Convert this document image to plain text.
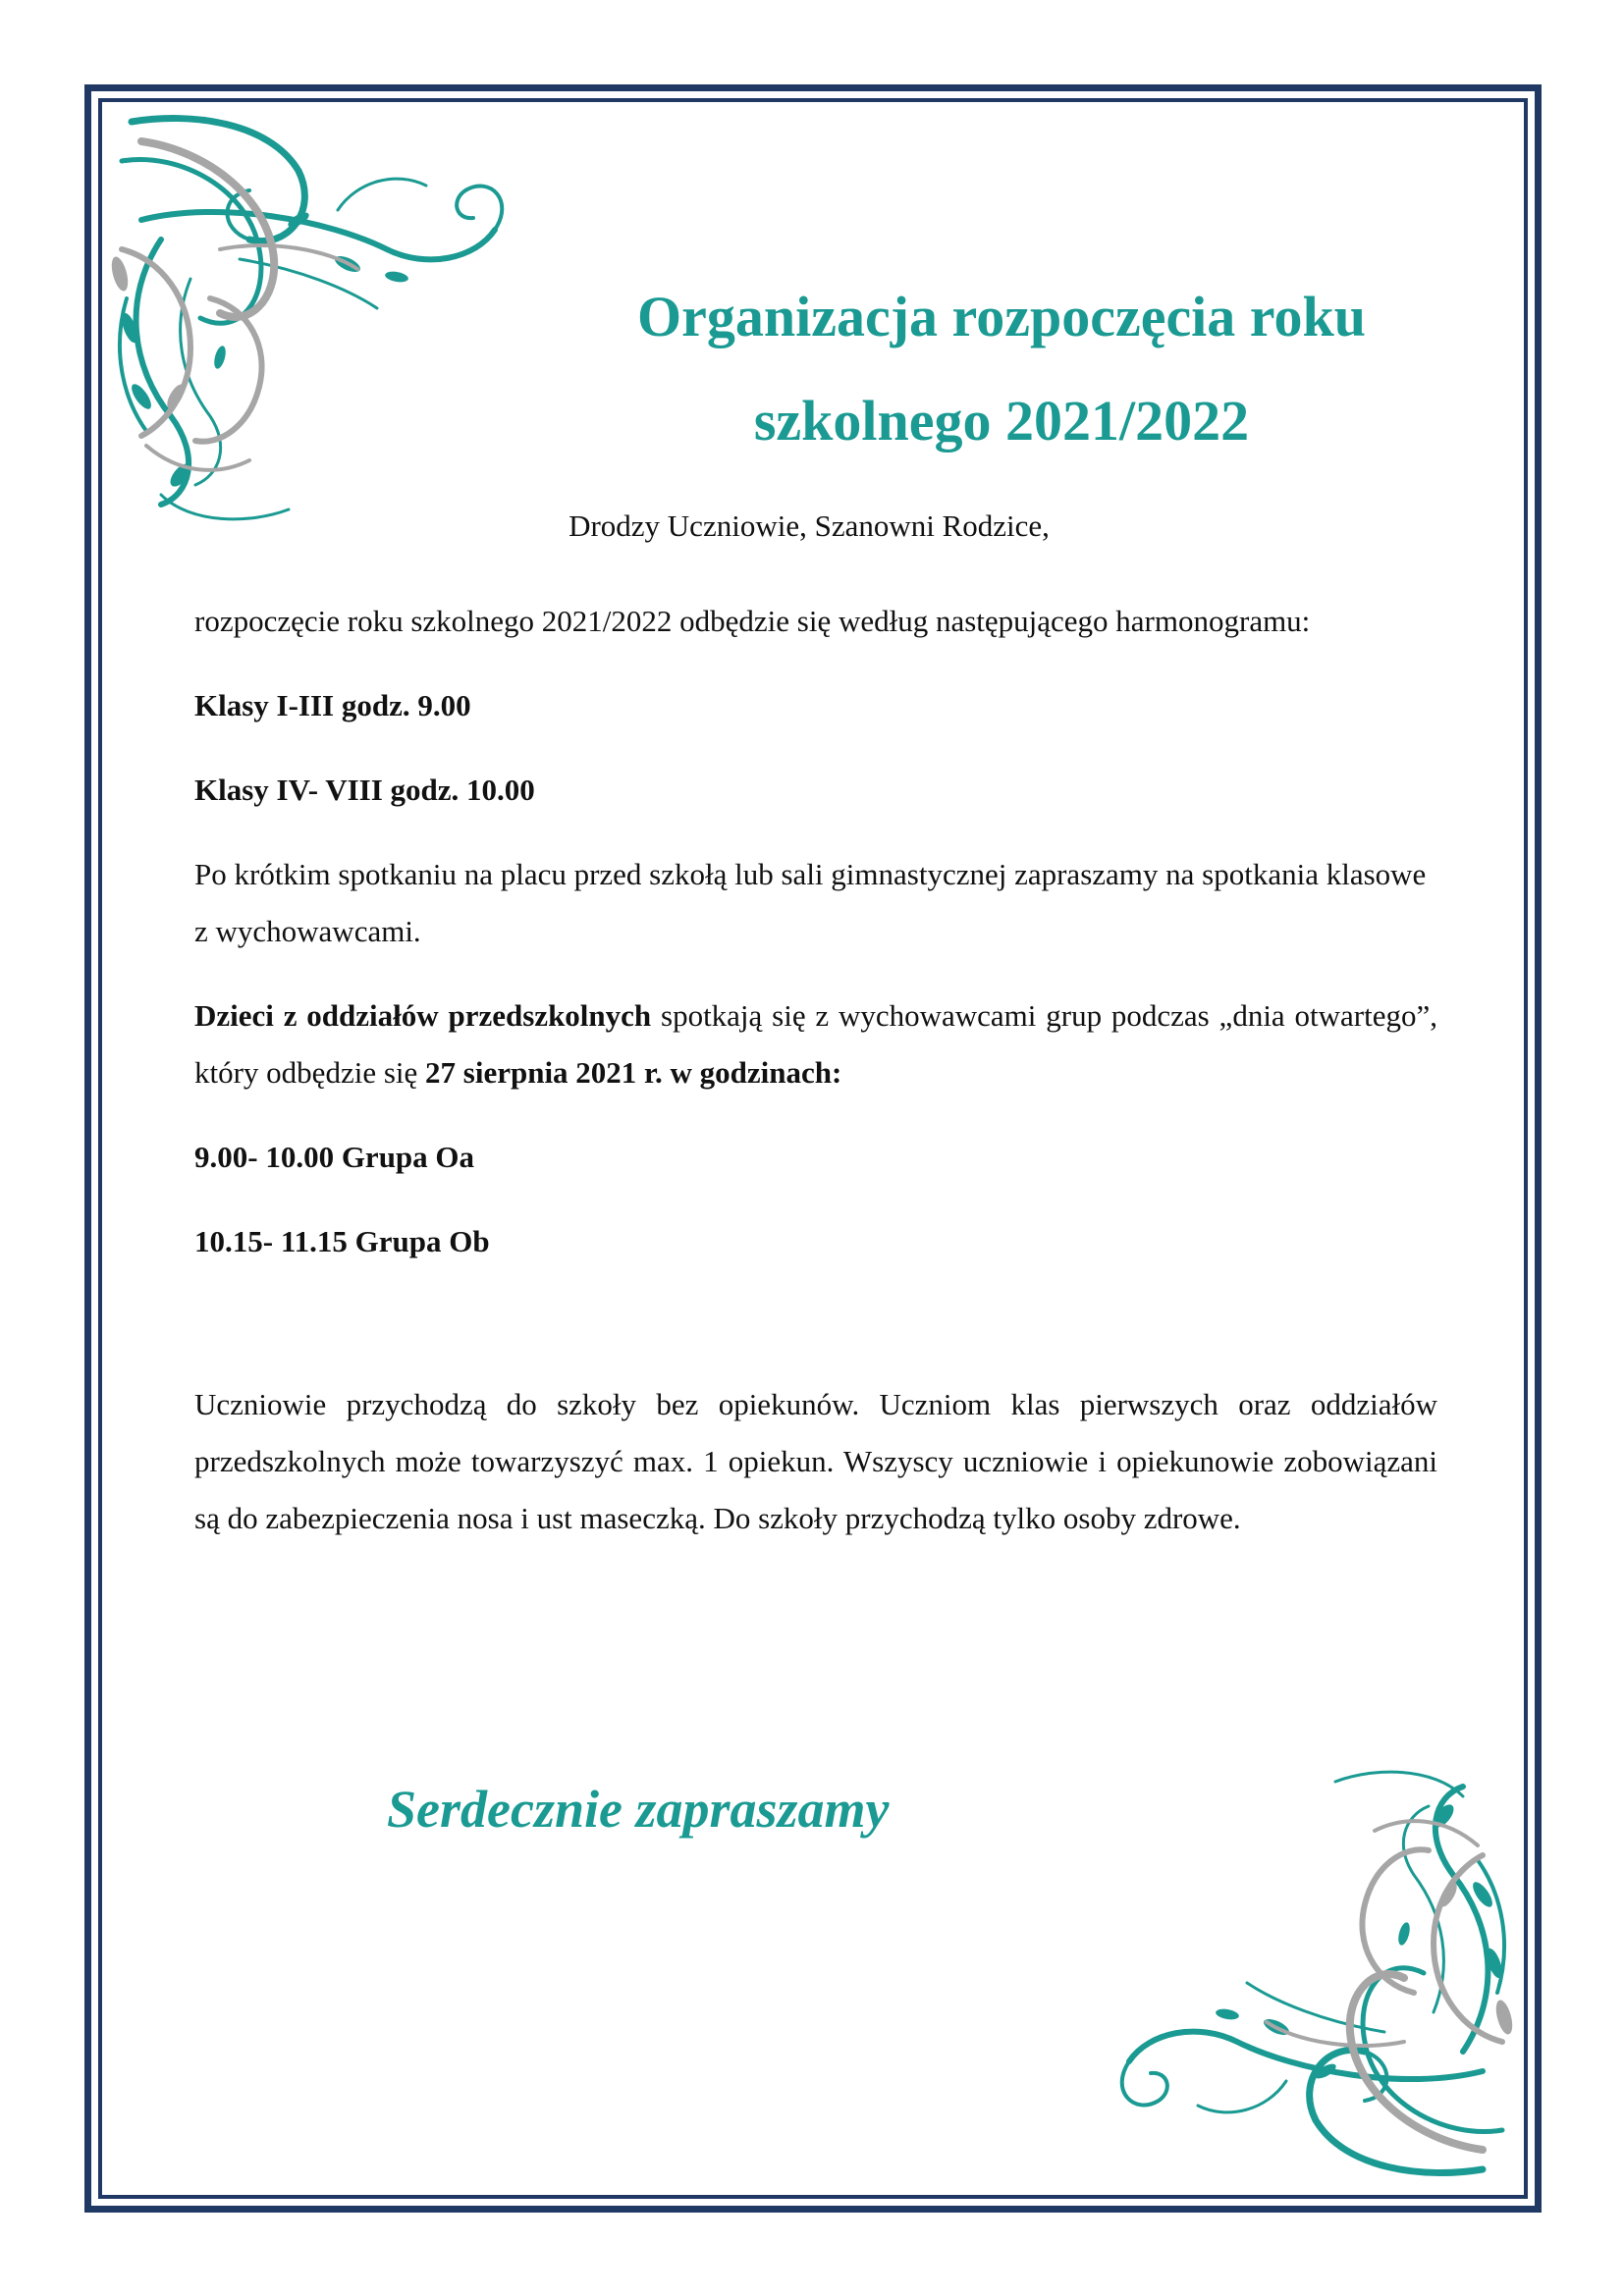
Organizacja rozpoczęcia roku
szkolnego 2021/2022
Drodzy Uczniowie, Szanowni Rodzice,

rozpoczęcie roku szkolnego 2021/2022 odbędzie się według następującego harmonogramu:

Klasy I-III godz. 9.00

Klasy IV- VIII godz. 10.00

Po krótkim spotkaniu na placu przed szkołą lub sali gimnastycznej zapraszamy na spotkania klasowe z wychowawcami.

Dzieci z oddziałów przedszkolnych spotkają się z wychowawcami grup podczas „dnia otwartego”, który odbędzie się 27 sierpnia 2021 r. w godzinach:

9.00- 10.00 Grupa Oa

10.15- 11.15 Grupa Ob

Uczniowie przychodzą do szkoły bez opiekunów. Uczniom klas pierwszych oraz oddziałów przedszkolnych może towarzyszyć max. 1 opiekun. Wszyscy uczniowie i opiekunowie zobowiązani są do zabezpieczenia nosa i ust maseczką. Do szkoły przychodzą tylko osoby zdrowe.

Serdecznie zapraszamy
